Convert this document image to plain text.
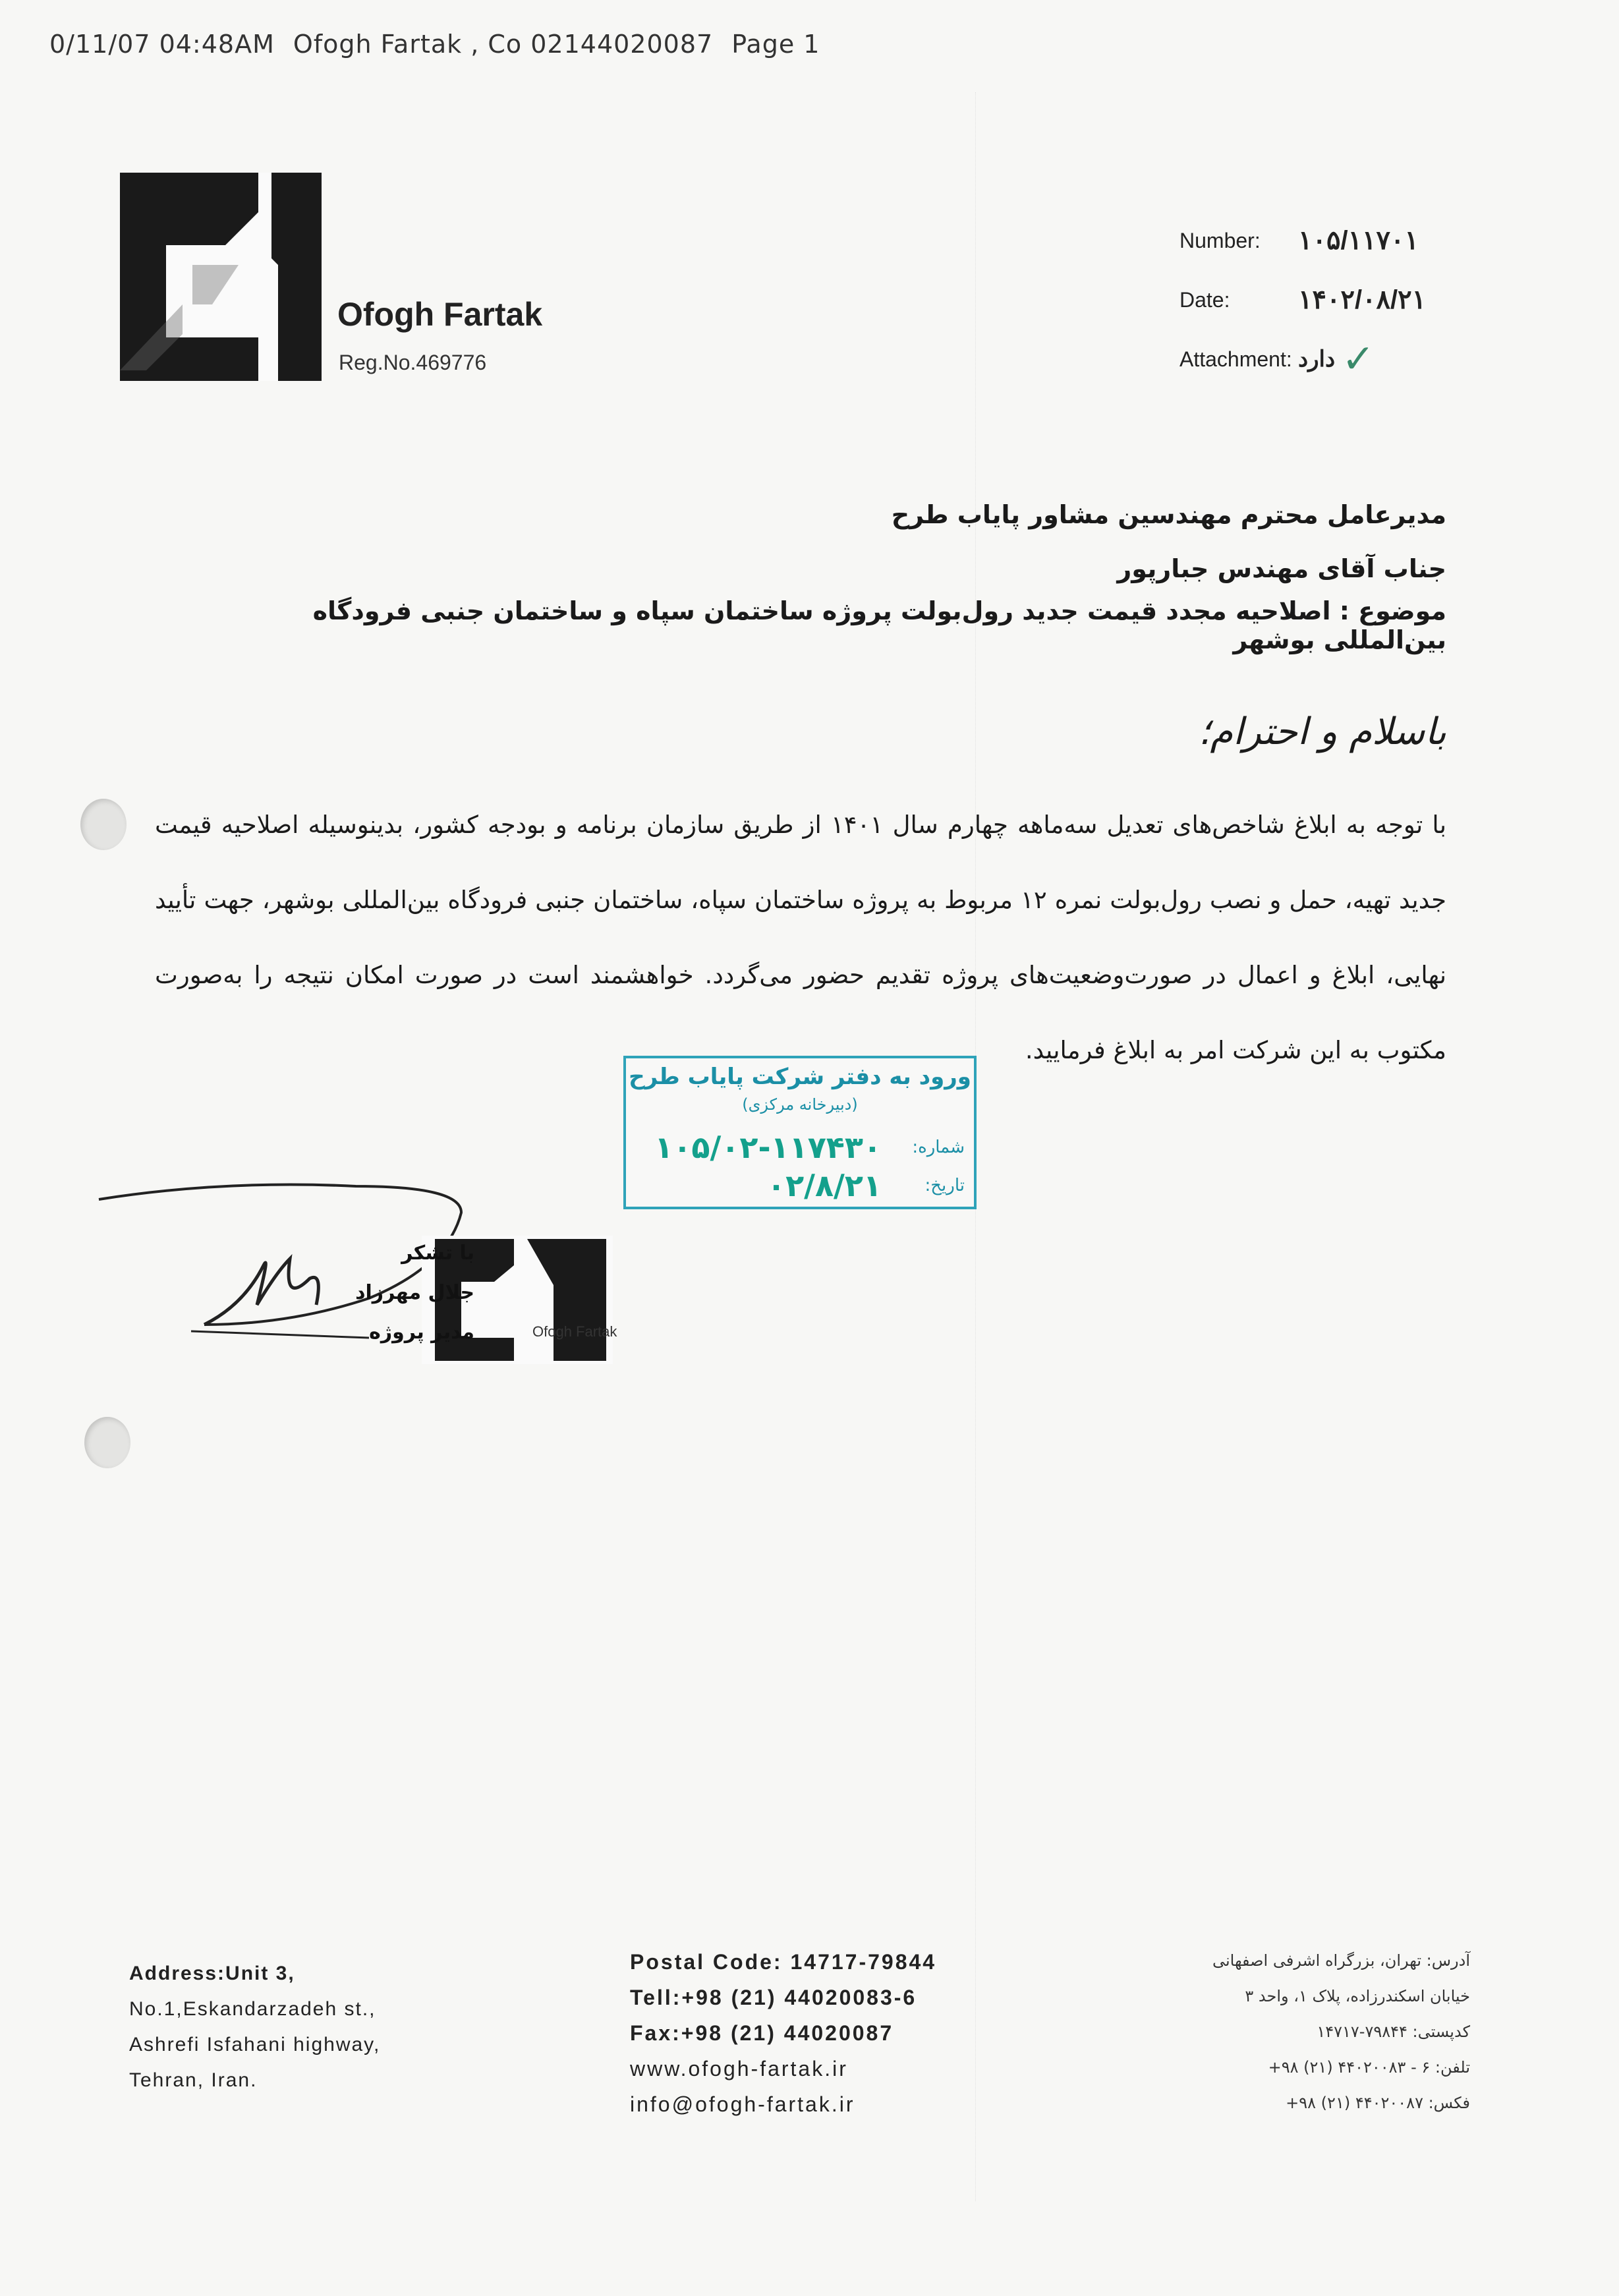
0/11/07 04:48AM Ofogh Fartak , Co 02144020087 Page 1
Ofogh Fartak
Reg.No.469776
Number:	۱۰۵/۱۱۷۰۱
Date:	۱۴۰۲/۰۸/۲۱
Attachment: دارد ✓
مدیرعامل محترم مهندسین مشاور پایاب طرح
جناب آقای مهندس جبارپور
موضوع : اصلاحیه مجدد قیمت جدید رول‌بولت پروژه ساختمان سپاه و ساختمان جنبی فرودگاه بین‌المللی بوشهر
باسلام و احترام؛
با توجه به ابلاغ شاخص‌های تعدیل سه‌ماهه چهارم سال ۱۴۰۱ از طریق سازمان برنامه و بودجه کشور، بدینوسیله اصلاحیه قیمت جدید تهیه، حمل و نصب رول‌بولت نمره ۱۲ مربوط به پروژه ساختمان سپاه، ساختمان جنبی فرودگاه بین‌المللی بوشهر، جهت تأیید نهایی، ابلاغ و اعمال در صورت‌وضعیت‌های پروژه تقدیم حضور می‌گردد. خواهشمند است در صورت امکان نتیجه را به‌صورت مکتوب به این شرکت امر به ابلاغ فرمایید.
ورود به دفتر شرکت پایاب طرح
(دبیرخانه مرکزی)
شماره:
۱۰۵/۰۲-۱۱۷۴۳۰
تاریخ:
۰۲/۸/۲۱
با تشکر
جلال مهرزاد
مدیر پروژه	Ofogh Fartak
Address:Unit 3,
No.1,Eskandarzadeh st.,
Ashrefi Isfahani highway,
Tehran, Iran.
Postal Code: 14717-79844
Tell:+98 (21) 44020083-6
Fax:+98 (21) 44020087
www.ofogh-fartak.ir
info@ofogh-fartak.ir
آدرس: تهران، بزرگراه اشرفی اصفهانی
خیابان اسکندرزاده، پلاک ۱، واحد ۳
کدپستی: ۷۹۸۴۴-۱۴۷۱۷
تلفن: ۶ - ۴۴۰۲۰۰۸۳ (۲۱) ۹۸+
فکس: ۴۴۰۲۰۰۸۷ (۲۱) ۹۸+
